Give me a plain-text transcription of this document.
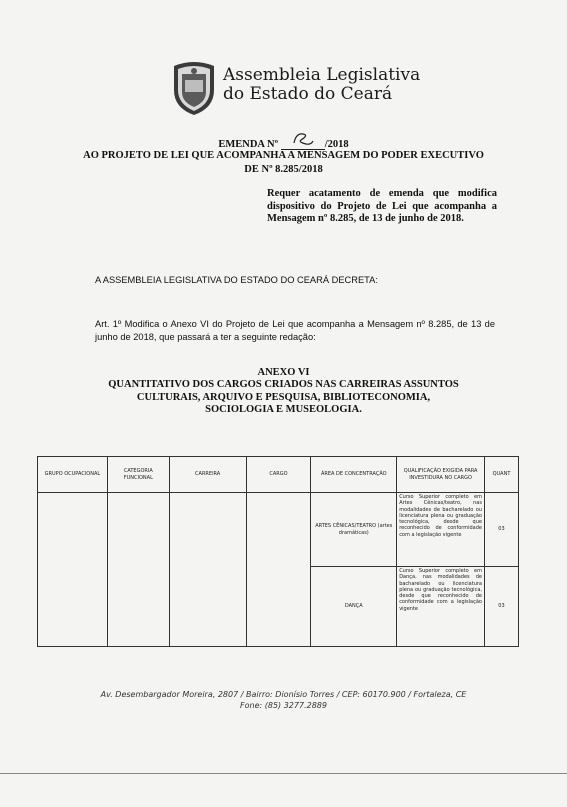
Assembleia Legislativa
do Estado do Ceará
EMENDA Nº	/2018
AO PROJETO DE LEI QUE ACOMPANHA A MENSAGEM DO PODER EXECUTIVO
DE Nº 8.285/2018
Requer acatamento de emenda que modifica dispositivo do Projeto de Lei que acompanha a Mensagem nº 8.285, de 13 de junho de 2018.
A ASSEMBLEIA LEGISLATIVA DO ESTADO DO CEARÁ DECRETA:
Art. 1º Modifica o Anexo VI do Projeto de Lei que acompanha a Mensagem nº 8.285, de 13 de junho de 2018, que passará a ter a seguinte redação:
ANEXO VI
QUANTITATIVO DOS CARGOS CRIADOS NAS CARREIRAS ASSUNTOS CULTURAIS, ARQUIVO E PESQUISA, BIBLIOTECONOMIA, SOCIOLOGIA E MUSEOLOGIA.
GRUPO OCUPACIONAL	CATEGORIA FUNCIONAL	CARREIRA	CARGO	ÁREA DE CONCENTRAÇÃO	QUALIFICAÇÃO EXIGIDA PARA INVESTIDURA NO CARGO	QUANT
				ARTES CÊNICAS/TEATRO (artes dramáticas)	Curso Superior completo em Artes Cênicas/teatro, nas modalidades de bacharelado ou licenciatura plena ou graduação tecnológica, desde que reconhecido de conformidade com a legislação vigente	03
				DANÇA	Curso Superior completo em Dança, nas modalidades de bacharelado ou licenciatura plena ou graduação tecnológica, desde que reconhecido de conformidade com a legislação vigente	03
Av. Desembargador Moreira, 2807 / Bairro: Dionísio Torres / CEP: 60170.900 / Fortaleza, CE
Fone: (85) 3277.2889
